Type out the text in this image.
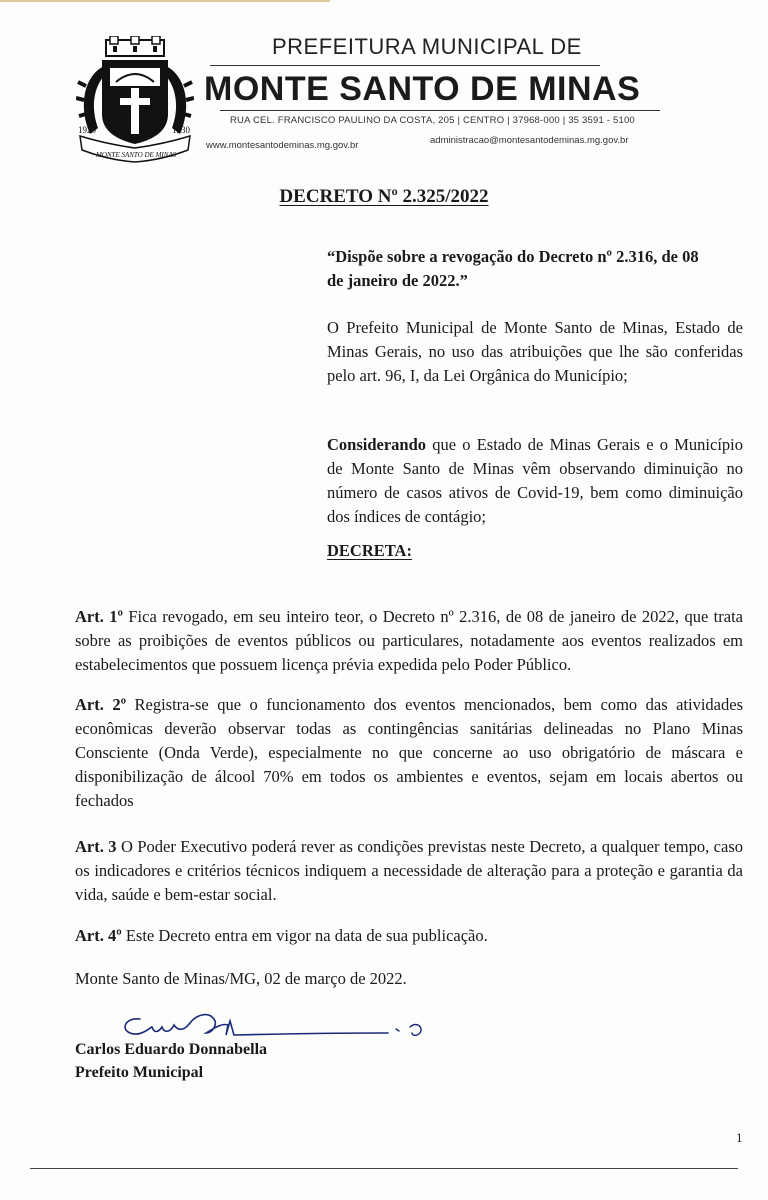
1920	1930
MONTE SANTO DE MINAS
PREFEITURA MUNICIPAL DE
MONTE SANTO DE MINAS
RUA CEL. FRANCISCO PAULINO DA COSTA, 205 | CENTRO | 37968-000 | 35 3591 - 5100
www.montesantodeminas.mg.gov.br	administracao@montesantodeminas.mg.gov.br
DECRETO Nº 2.325/2022
“Dispõe sobre a revogação do Decreto nº 2.316, de 08
de janeiro de 2022.”
O Prefeito Municipal de Monte Santo de Minas, Estado de Minas Gerais, no uso das atribuições que lhe são conferidas pelo art. 96, I, da Lei Orgânica do Município;
Considerando que o Estado de Minas Gerais e o Município de Monte Santo de Minas vêm observando diminuição no número de casos ativos de Covid-19, bem como diminuição dos índices de contágio;
DECRETA:
Art. 1º Fica revogado, em seu inteiro teor, o Decreto nº 2.316, de 08 de janeiro de 2022, que trata sobre as proibições de eventos públicos ou particulares, notadamente aos eventos realizados em estabelecimentos que possuem licença prévia expedida pelo Poder Público.
Art. 2º Registra-se que o funcionamento dos eventos mencionados, bem como das atividades econômicas deverão observar todas as contingências sanitárias delineadas no Plano Minas Consciente (Onda Verde), especialmente no que concerne ao uso obrigatório de máscara e disponibilização de álcool 70% em todos os ambientes e eventos, sejam em locais abertos ou fechados
Art. 3 O Poder Executivo poderá rever as condições previstas neste Decreto, a qualquer tempo, caso os indicadores e critérios técnicos indiquem a necessidade de alteração para a proteção e garantia da vida, saúde e bem-estar social.
Art. 4º Este Decreto entra em vigor na data de sua publicação.
Monte Santo de Minas/MG, 02 de março de 2022.
Carlos Eduardo Donnabella
Prefeito Municipal
1
